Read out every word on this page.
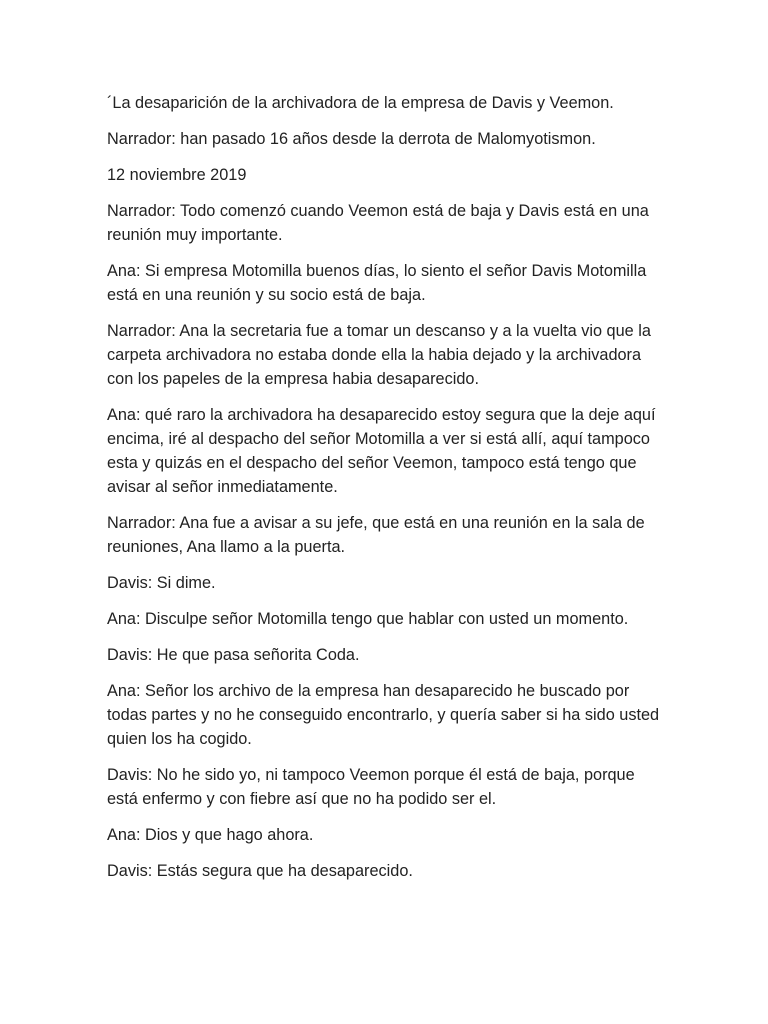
´La desaparición de la archivadora de la empresa de Davis y Veemon.

Narrador: han pasado 16 años desde la derrota de Malomyotismon.

12 noviembre 2019

Narrador: Todo comenzó cuando Veemon está de baja y Davis está en una reunión muy importante.

Ana: Si empresa Motomilla buenos días, lo siento el señor Davis Motomilla está en una reunión y su socio está de baja.

Narrador: Ana la secretaria fue a tomar un descanso y a la vuelta vio que la carpeta archivadora no estaba donde ella la habia dejado y la archivadora con los papeles de la empresa habia desaparecido.

Ana: qué raro la archivadora ha desaparecido estoy segura que la deje aquí encima, iré al despacho del señor Motomilla a ver si está allí, aquí tampoco esta y quizás en el despacho del señor Veemon, tampoco está tengo que avisar al señor inmediatamente.

Narrador: Ana fue a avisar a su jefe, que está en una reunión en la sala de reuniones, Ana llamo a la puerta.

Davis: Si dime.

Ana: Disculpe señor Motomilla tengo que hablar con usted un momento.

Davis: He que pasa señorita Coda.

Ana: Señor los archivo de la empresa han desaparecido he buscado por todas partes y no he conseguido encontrarlo, y quería saber si ha sido usted quien los ha cogido.

Davis: No he sido yo, ni tampoco Veemon porque él está de baja, porque está enfermo y con fiebre así que no ha podido ser el.

Ana: Dios y que hago ahora.

Davis: Estás segura que ha desaparecido.
